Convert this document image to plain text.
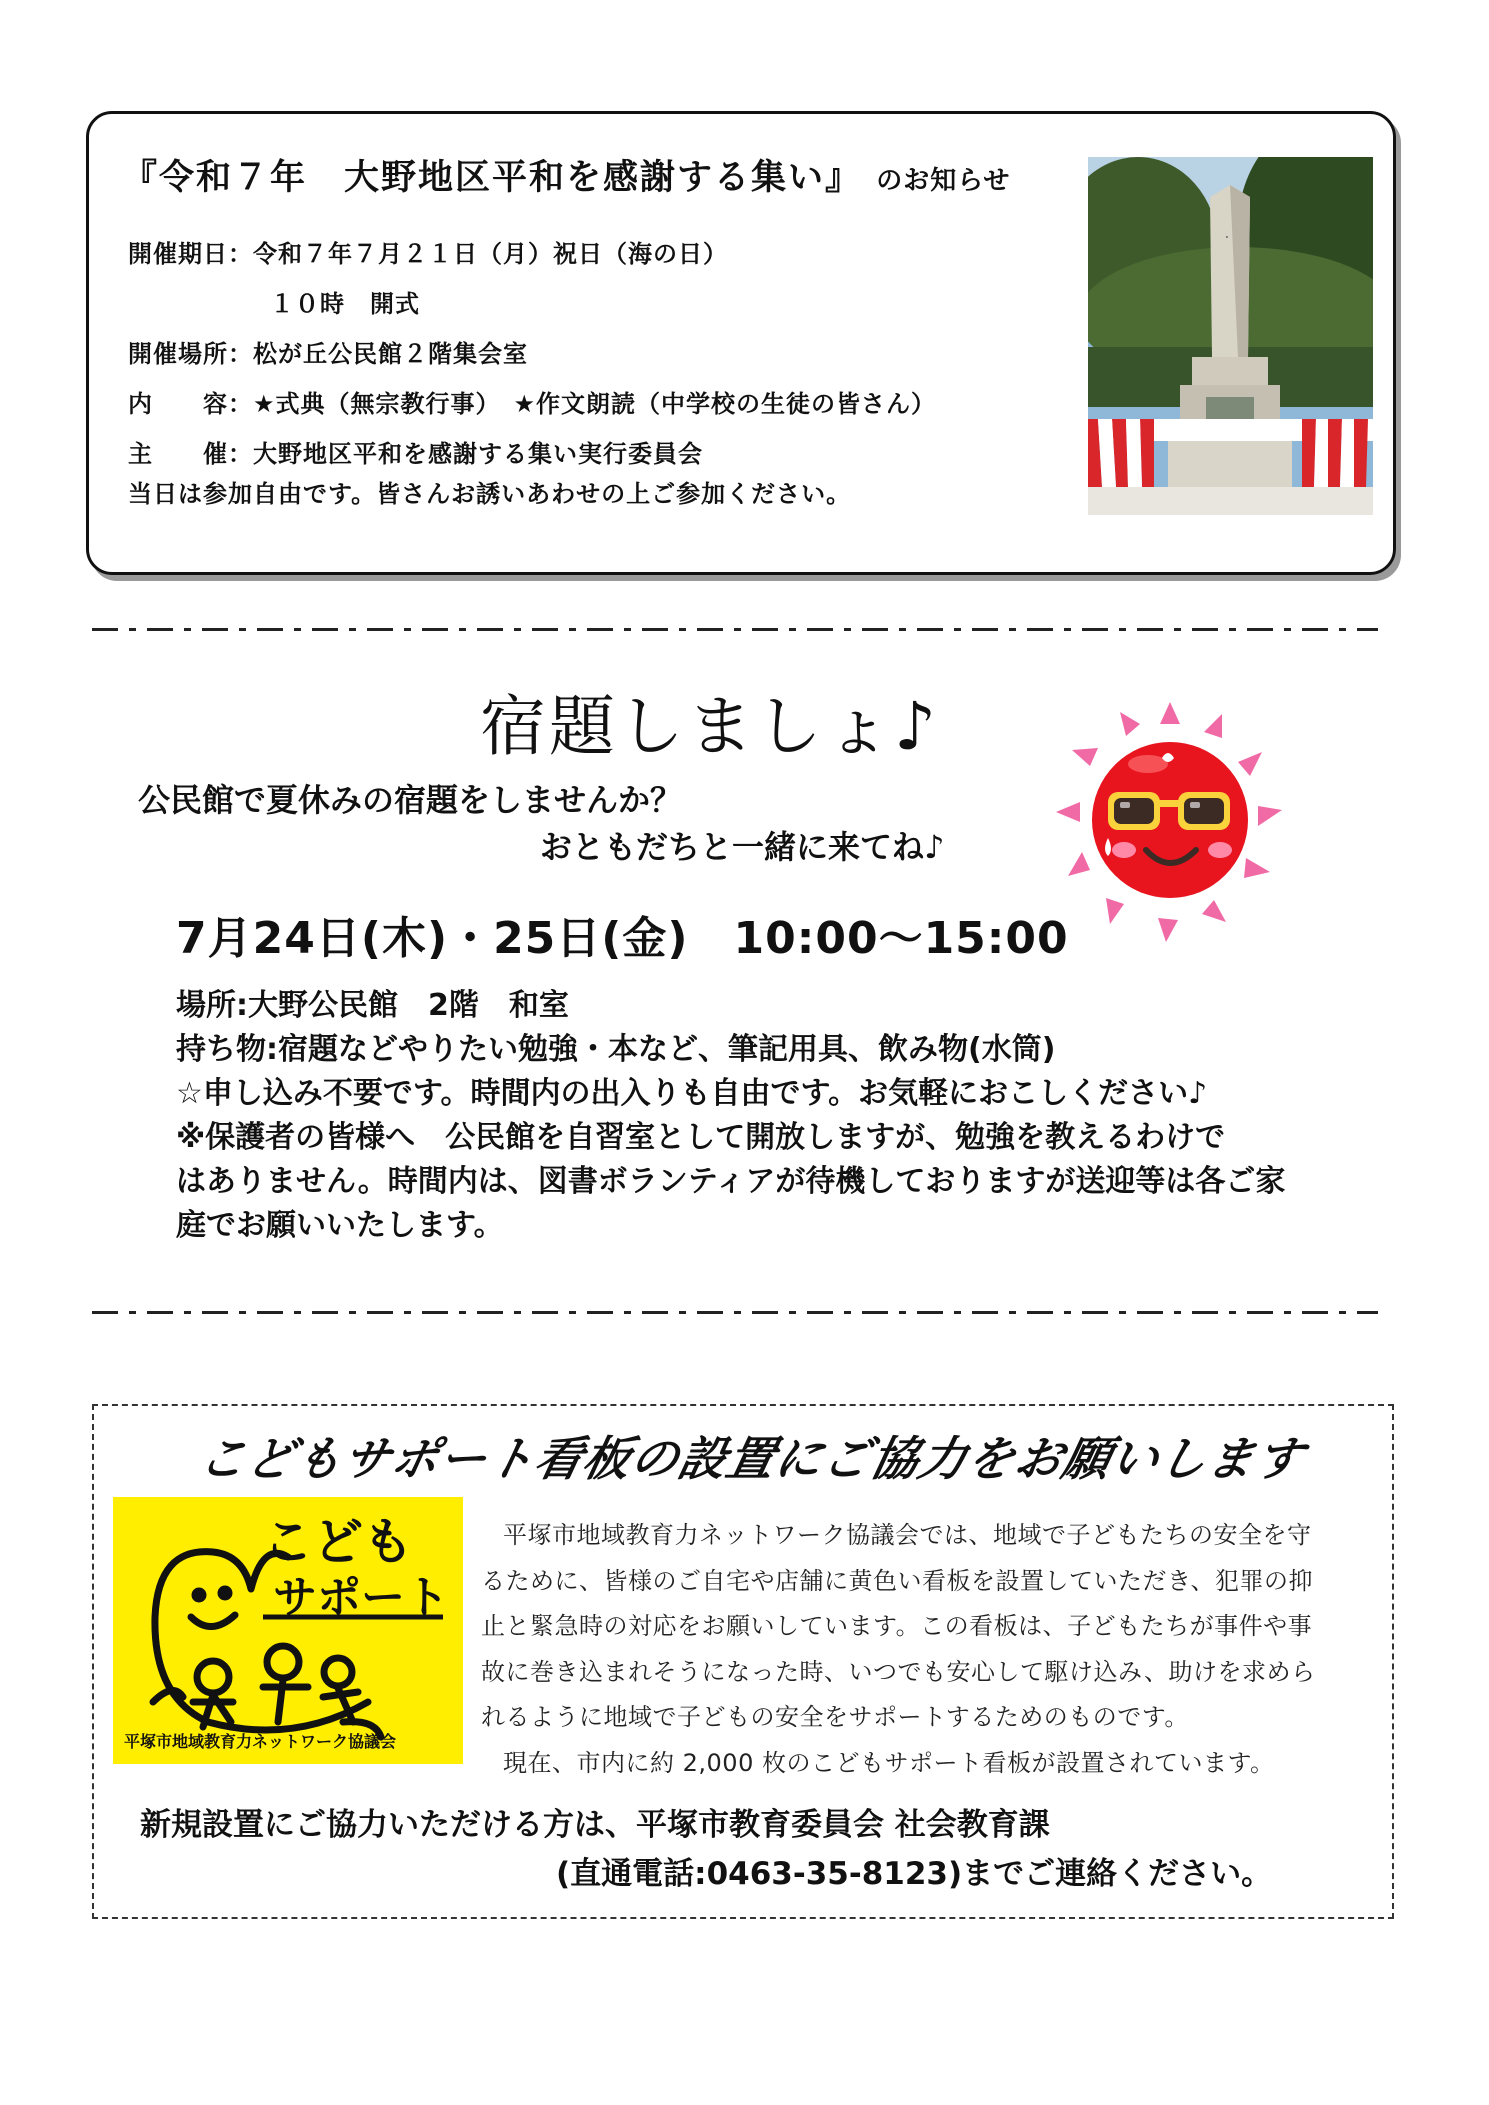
『令和７年　大野地区平和を感謝する集い』 のお知らせ
開催期日：令和７年７月２１日（月）祝日（海の日）
１０時　開式
開催場所：松が丘公民館２階集会室
内　　容：★式典（無宗教行事）　★作文朗読（中学校の生徒の皆さん）
主　　催：大野地区平和を感謝する集い実行委員会
当日は参加自由です。皆さんお誘いあわせの上ご参加ください。
.
宿題しましょ♪
公民館で夏休みの宿題をしませんか？
おともだちと一緒に来てね♪
7月24日(木)・25日(金)　10:00～15:00
場所:大野公民館　2階　和室
持ち物:宿題などやりたい勉強・本など、筆記用具、飲み物(水筒)
☆申し込み不要です。時間内の出入りも自由です。お気軽におこしください♪
※保護者の皆様へ　公民館を自習室として開放しますが、勉強を教えるわけで
はありません。時間内は、図書ボランティアが待機しておりますが送迎等は各ご家
庭でお願いいたします。
こどもサポート看板の設置にご協力をお願いします
こども
サポート
平塚市地域教育力ネットワーク協議会
平塚市地域教育力ネットワーク協議会では、地域で子どもたちの安全を守
るために、皆様のご自宅や店舗に黄色い看板を設置していただき、犯罪の抑
止と緊急時の対応をお願いしています。この看板は、子どもたちが事件や事
故に巻き込まれそうになった時、いつでも安心して駆け込み、助けを求めら
れるように地域で子どもの安全をサポートするためのものです。
現在、市内に約 2,000 枚のこどもサポート看板が設置されています。
新規設置にご協力いただける方は、平塚市教育委員会 社会教育課
(直通電話:0463-35-8123)までご連絡ください。
